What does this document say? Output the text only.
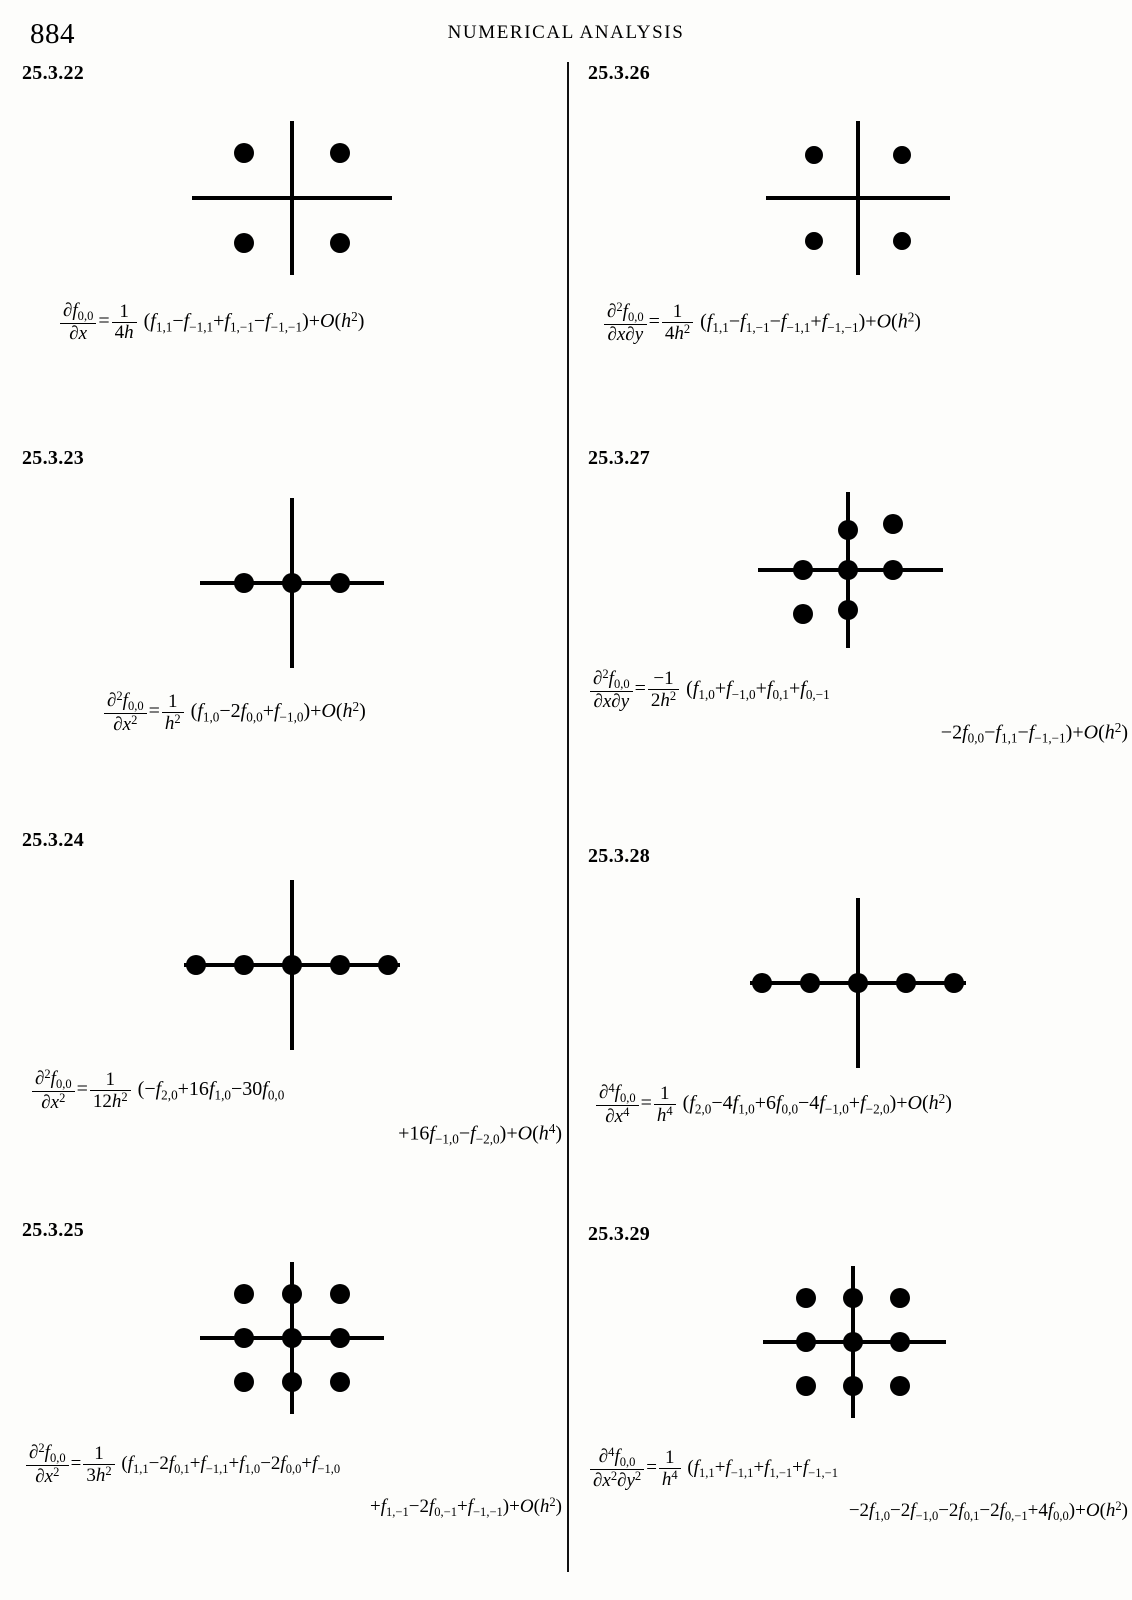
884	NUMERICAL ANALYSIS
25.3.22
$\frac{\partial f_{0,0}}{\partial x} = \frac{1}{4h} (f_{1,1}-f_{-1,1}+f_{1,-1}-f_{-1,-1})+O(h^2)$
25.3.23
$\frac{\partial^2f_{0,0}}{\partial x^2} = \frac{1}{h^2} (f_{1,0}-2f_{0,0}+f_{-1,0})+O(h^2)$
25.3.24
$\frac{\partial^2f_{0,0}}{\partial x^2} = \frac{1}{12h^2} (-f_{2,0}+16f_{1,0}-30f_{0,0}$
$+16f_{-1,0}-f_{-2,0})+O(h^4)$
25.3.25
$\frac{\partial^2f_{0,0}}{\partial x^2} = \frac{1}{3h^2} (f_{1,1}-2f_{0,1}+f_{-1,1}+f_{1,0}-2f_{0,0}+f_{-1,0}$
$+f_{1,-1}-2f_{0,-1}+f_{-1,-1})+O(h^2)$
25.3.26
$\frac{\partial^2f_{0,0}}{\partial x\partial y} = \frac{1}{4h^2} (f_{1,1}-f_{1,-1}-f_{-1,1}+f_{-1,-1})+O(h^2)$
25.3.27
$\frac{\partial^2f_{0,0}}{\partial x\partial y} = \frac{-1}{2h^2} (f_{1,0}+f_{-1,0}+f_{0,1}+f_{0,-1}$
$-2f_{0,0}-f_{1,1}-f_{-1,-1})+O(h^2)$
25.3.28
$\frac{\partial^4f_{0,0}}{\partial x^4} = \frac{1}{h^4} (f_{2,0}-4f_{1,0}+6f_{0,0}-4f_{-1,0}+f_{-2,0})+O(h^2)$
25.3.29
$\frac{\partial^4f_{0,0}}{\partial x^2\partial y^2} = \frac{1}{h^4} (f_{1,1}+f_{-1,1}+f_{1,-1}+f_{-1,-1}$
$-2f_{1,0}-2f_{-1,0}-2f_{0,1}-2f_{0,-1}+4f_{0,0})+O(h^2)$
